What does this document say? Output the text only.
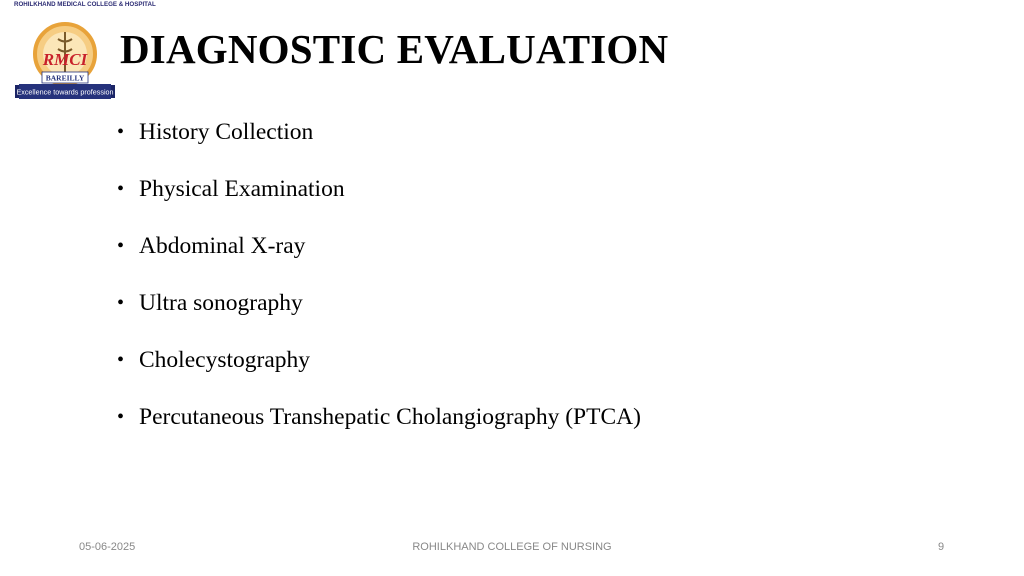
ROHILKHAND MEDICAL COLLEGE & HOSPITAL
RMCI
BAREILLY
Excellence towards profession
DIAGNOSTIC EVALUATION
• History Collection
• Physical Examination
• Abdominal X-ray
• Ultra sonography
• Cholecystography
• Percutaneous Transhepatic Cholangiography (PTCA)
05-06-2025	ROHILKHAND COLLEGE OF NURSING	9
